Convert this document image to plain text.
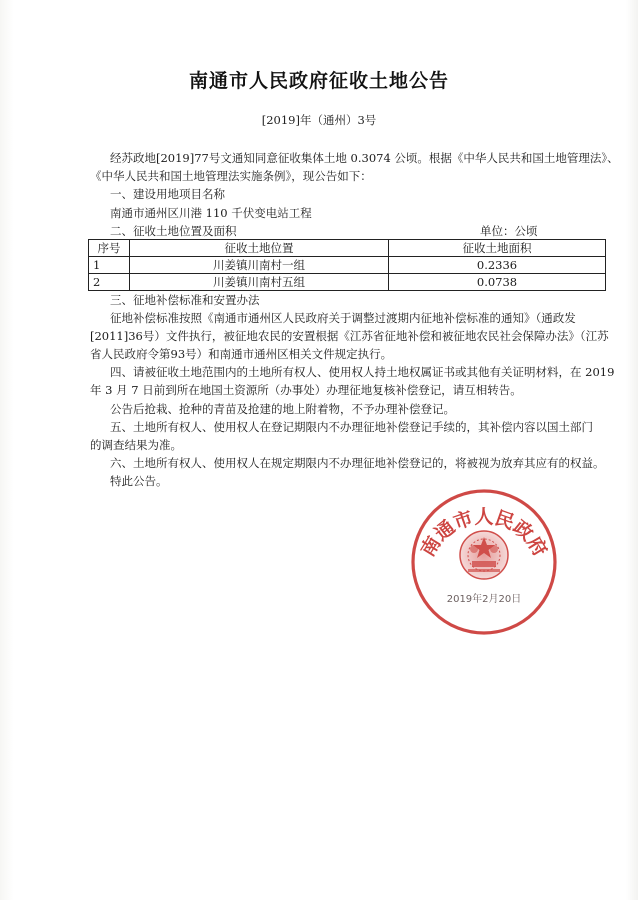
南通市人民政府征收土地公告
[2019]年（通州）3号
经苏政地[2019]77号文通知同意征收集体土地 0.3074 公顷。根据《中华人民共和国土地管理法》、
《中华人民共和国土地管理法实施条例》，现公告如下：
一、建设用地项目名称
南通市通州区川港 110 千伏变电站工程
二、征收土地位置及面积	单位：公顷
序号	征收土地位置	征收土地面积
1	川姜镇川南村一组	0.2336
2	川姜镇川南村五组	0.0738
三、征地补偿标准和安置办法
征地补偿标准按照《南通市通州区人民政府关于调整过渡期内征地补偿标准的通知》（通政发
[2011]36号）文件执行，被征地农民的安置根据《江苏省征地补偿和被征地农民社会保障办法》（江苏
省人民政府令第93号）和南通市通州区相关文件规定执行。
四、请被征收土地范围内的土地所有权人、使用权人持土地权属证书或其他有关证明材料，在 2019
年 3 月 7 日前到所在地国土资源所（办事处）办理征地复核补偿登记，请互相转告。
公告后抢栽、抢种的青苗及抢建的地上附着物，不予办理补偿登记。
五、土地所有权人、使用权人在登记期限内不办理征地补偿登记手续的，其补偿内容以国土部门
的调查结果为准。
六、土地所有权人、使用权人在规定期限内不办理征地补偿登记的，将被视为放弃其应有的权益。
特此公告。
南通市人民政府
2019年2月20日
